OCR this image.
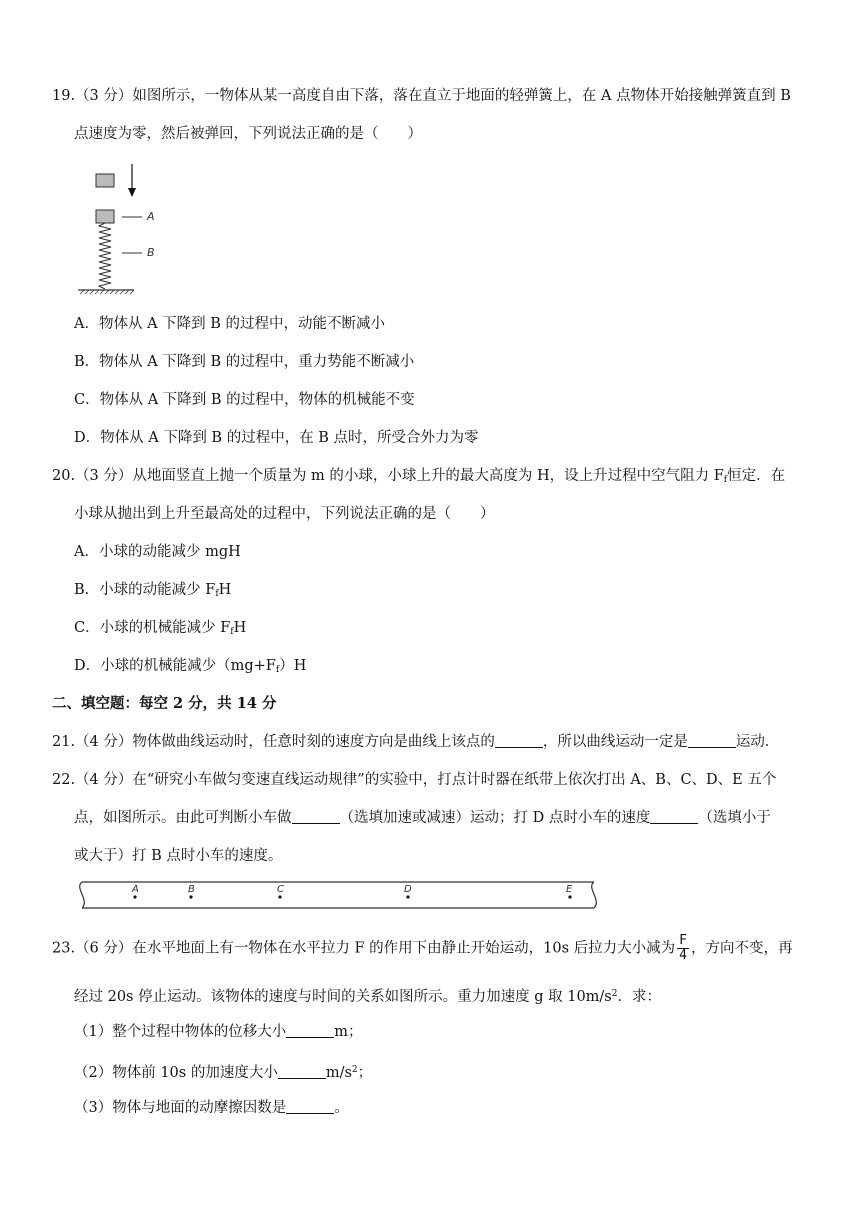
19.（3 分）如图所示，一物体从某一高度自由下落，落在直立于地面的轻弹簧上，在 A 点物体开始接触弹簧直到 B
点速度为零，然后被弹回，下列说法正确的是（　　）
A
B
A．物体从 A 下降到 B 的过程中，动能不断减小
B．物体从 A 下降到 B 的过程中，重力势能不断减小
C．物体从 A 下降到 B 的过程中，物体的机械能不变
D．物体从 A 下降到 B 的过程中，在 B 点时，所受合外力为零
20.（3 分）从地面竖直上抛一个质量为 m 的小球，小球上升的最大高度为 H，设上升过程中空气阻力 $F_f$恒定．在
小球从抛出到上升至最高处的过程中，下列说法正确的是（　　）
A．小球的动能减少 mgH
B．小球的动能减少 $F_fH$
C．小球的机械能减少 $F_fH$
D．小球的机械能减少$(mg+F_f)H$
二、填空题：每空 2 分，共 14 分
21.（4 分）物体做曲线运动时，任意时刻的速度方向是曲线上该点的	，所以曲线运动一定是	运动．
22.（4 分）在“研究小车做匀变速直线运动规律”的实验中，打点计时器在纸带上依次打出 A、B、C、D、E 五个
点，如图所示。由此可判断小车做	（选填加速或减速）运动；打 D 点时小车的速度	（选填小于
或大于）打 B 点时小车的速度。
A	B	C	D	E
23.（6 分）在水平地面上有一物体在水平拉力 F 的作用下由静止开始运动，10s 后拉力大小减为 $\frac{F}{4}$ ，方向不变，再
经过 20s 停止运动。该物体的速度与时间的关系如图所示。重力加速度 g 取 $10m/s^2$．求：
（1）整个过程中物体的位移大小	m；
（2）物体前 10s 的加速度大小	$m/s^2$；
（3）物体与地面的动摩擦因数是	。
